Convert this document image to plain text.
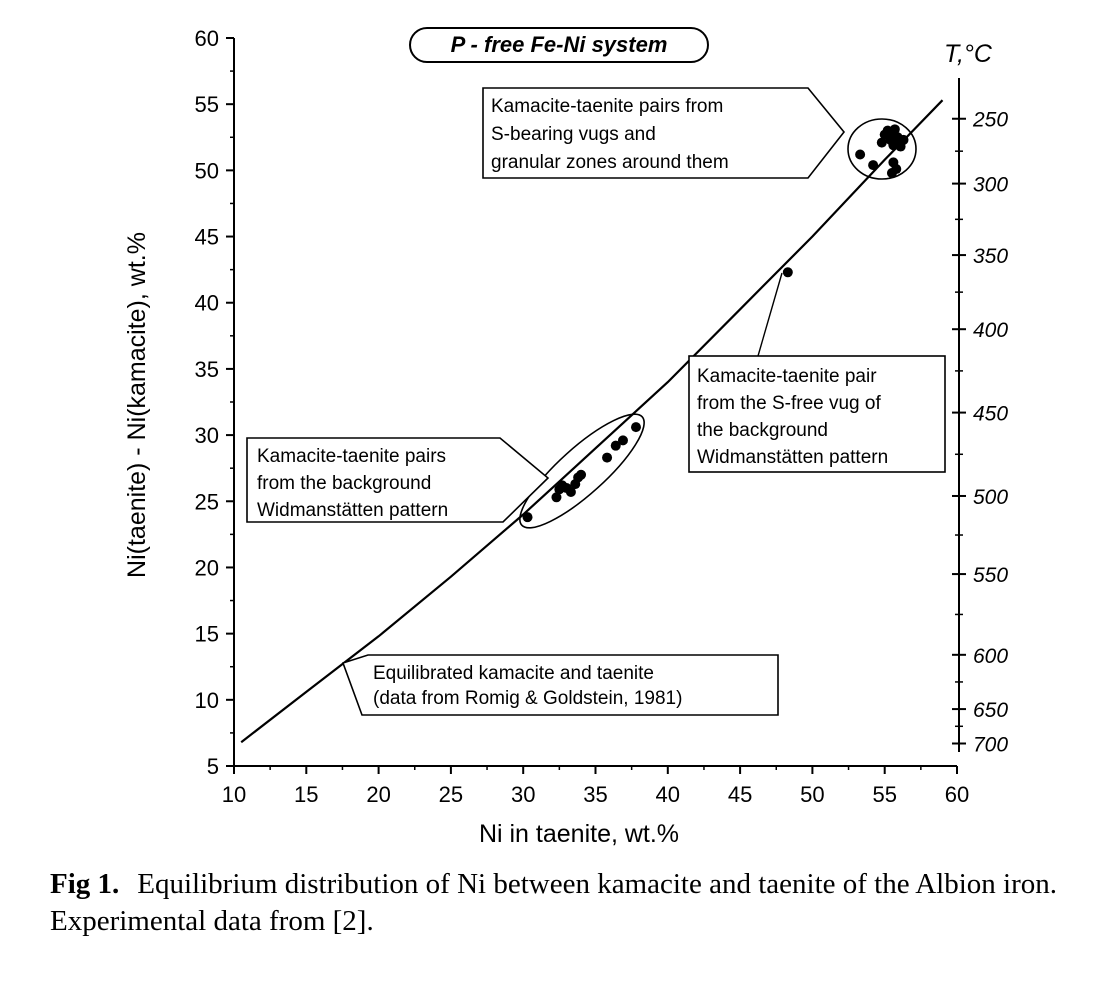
10 15 20 25 30 35 40 45 50 55 60
5
10
15
20
25
30
35
40
45
50
55
60
250
300
350
400
450
500
550
600
650
700
P - free Fe-Ni system
Ni in taenite, wt.%
Ni(taenite) - Ni(kamacite), wt.%
T,°C
Kamacite-taenite pairs from
S-bearing vugs and
granular zones around them
Kamacite-taenite pair
from the S-free vug of
the background
Widmanstätten pattern
Kamacite-taenite pairs
from the background
Widmanstätten pattern
Equilibrated kamacite and taenite
(data from Romig & Goldstein, 1981)
Fig 1. Equilibrium distribution of Ni between kamacite and taenite of the Albion iron. Experimental data from [2].
